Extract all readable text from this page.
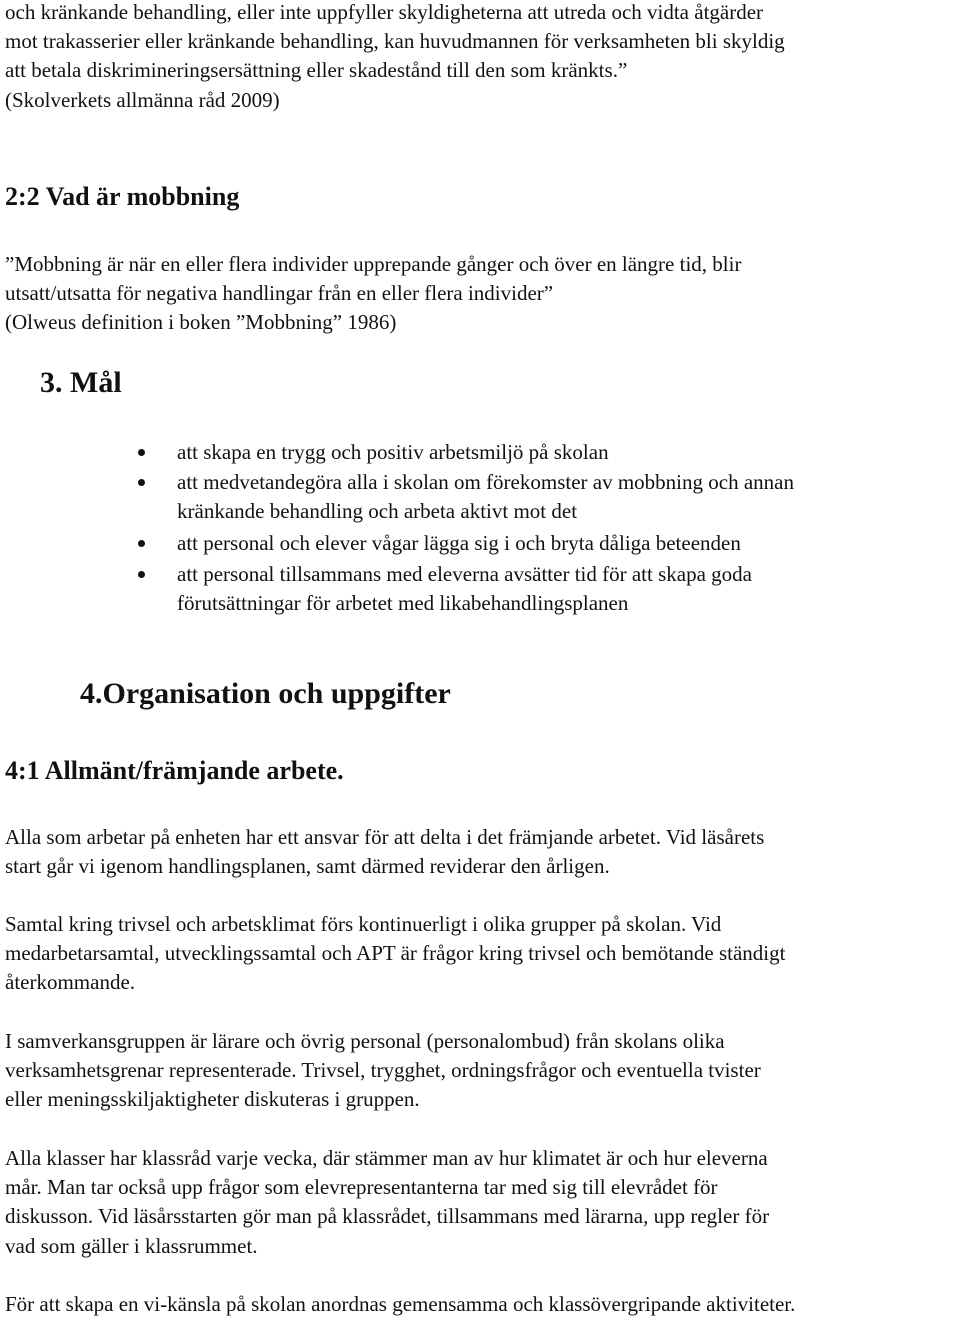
och kränkande behandling, eller inte uppfyller skyldigheterna att utreda och vidta åtgärder
mot trakasserier eller kränkande behandling, kan huvudmannen för verksamheten bli skyldig
att betala diskrimineringsersättning eller skadestånd till den som kränkts.”
(Skolverkets allmänna råd 2009)
2:2 Vad är mobbning
”Mobbning är när en eller flera individer upprepande gånger och över en längre tid, blir
utsatt/utsatta för negativa handlingar från en eller flera individer”
(Olweus definition i boken ”Mobbning” 1986)
3. Mål
att skapa en trygg och positiv arbetsmiljö på skolan
att medvetandegöra alla i skolan om förekomster av mobbning och annan
kränkande behandling och arbeta aktivt mot det
att personal och elever vågar lägga sig i och bryta dåliga beteenden
att personal tillsammans med eleverna avsätter tid för att skapa goda
förutsättningar för arbetet med likabehandlingsplanen
4.Organisation och uppgifter
4:1 Allmänt/främjande arbete.
Alla som arbetar på enheten har ett ansvar för att delta i det främjande arbetet. Vid läsårets
start går vi igenom handlingsplanen, samt därmed reviderar den årligen.
Samtal kring trivsel och arbetsklimat förs kontinuerligt i olika grupper på skolan. Vid
medarbetarsamtal, utvecklingssamtal och APT är frågor kring trivsel och bemötande ständigt
återkommande.
I samverkansgruppen är lärare och övrig personal (personalombud) från skolans olika
verksamhetsgrenar representerade. Trivsel, trygghet, ordningsfrågor och eventuella tvister
eller meningsskiljaktigheter diskuteras i gruppen.
Alla klasser har klassråd varje vecka, där stämmer man av hur klimatet är och hur eleverna
mår. Man tar också upp frågor som elevrepresentanterna tar med sig till elevrådet för
diskusson. Vid läsårsstarten gör man på klassrådet, tillsammans med lärarna, upp regler för
vad som gäller i klassrummet.
För att skapa en vi-känsla på skolan anordnas gemensamma och klassövergripande aktiviteter.
